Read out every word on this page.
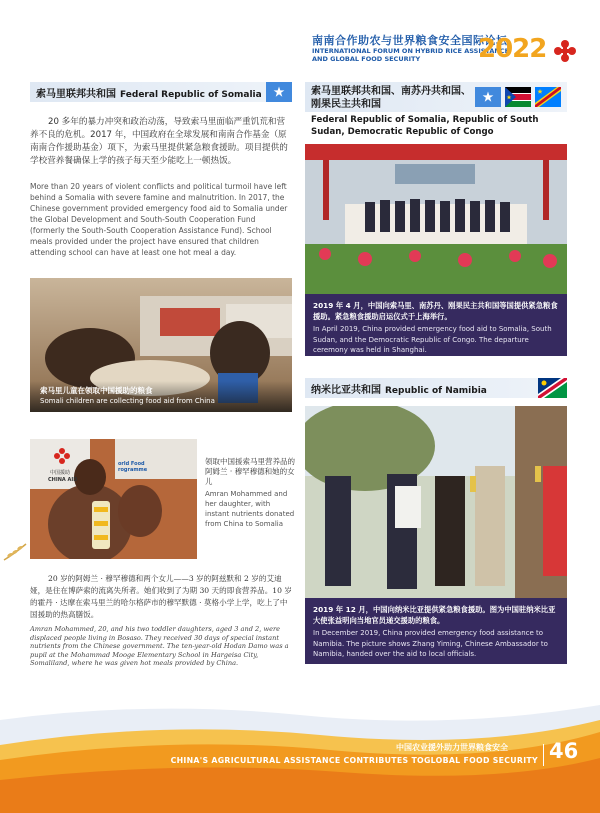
南南合作助农与世界粮食安全国际论坛
INTERNATIONAL FORUM ON HYBRID RICE ASSISTANCE
AND GLOBAL FOOD SECURITY	2022
索马里联邦共和国 Federal Republic of Somalia
20 多年的暴力冲突和政治动荡，导致索马里面临严重饥荒和营养不良的危机。2017 年，中国政府在全球发展和南南合作基金（原南南合作援助基金）项下，为索马里提供紧急粮食援助。项目提供的学校营养餐确保上学的孩子每天至少能吃上一顿热饭。
More than 20 years of violent conflicts and political turmoil have left behind a Somalia with severe famine and malnutrition. In 2017, the Chinese government provided emergency food aid to Somalia under the Global Development and South-South Cooperation Fund (formerly the South-South Cooperation Assistance Fund). School meals provided under the project have ensured that children attending school can have at least one hot meal a day.
索马里儿童在领取中国援助的粮食
Somali children are collecting food aid from China
中国援助
CHINA AID
orld Food rogramme
领取中国援索马里营养品的阿姆兰 · 穆罕穆德和她的女儿
Amran Mohammed and her daughter, with instant nutrients donated from China to Somalia
20 岁的阿姆兰 · 穆罕穆德和两个女儿——3 岁的阿兹默和 2 岁的艾迪娅，是住在博萨索的流离失所者。她们收到了为期 30 天的即食营养品。10 岁的霍丹 · 达摩在索马里兰的哈尔格萨市的穆罕默德 · 莫格小学上学，吃上了中国援助的热高膳饭。
Amran Mohammed, 20, and his two toddler daughters, aged 3 and 2, were displaced people living in Bosaso. They received 30 days of special instant nutrients from the Chinese government. The ten-year-old Hodan Damo was a pupil at the Mohammad Mooge Elementary School in Hargeisa City, Somaliland, where he was given hot meals provided by China.
索马里联邦共和国、南苏丹共和国、刚果民主共和国
Federal Republic of Somalia, Republic of South Sudan, Democratic Republic of Congo
2019 年 4 月，中国向索马里、南苏丹、刚果民主共和国等国提供紧急粮食援助。紧急粮食援助启运仪式于上海举行。
In April 2019, China provided emergency food aid to Somalia, South Sudan, and the Democratic Republic of Congo. The departure ceremony was held in Shanghai.
纳米比亚共和国 Republic of Namibia
2019 年 12 月，中国向纳米比亚提供紧急粮食援助。图为中国驻纳米比亚大使张益明向当地官员递交援助的粮食。
In December 2019, China provided emergency food assistance to Namibia. The picture shows Zhang Yiming, Chinese Ambassador to Namibia, handed over the aid to local officials.
中国农业援外助力世界粮食安全
CHINA'S AGRICULTURAL ASSISTANCE CONTRIBUTES TOGLOBAL FOOD SECURITY 46
